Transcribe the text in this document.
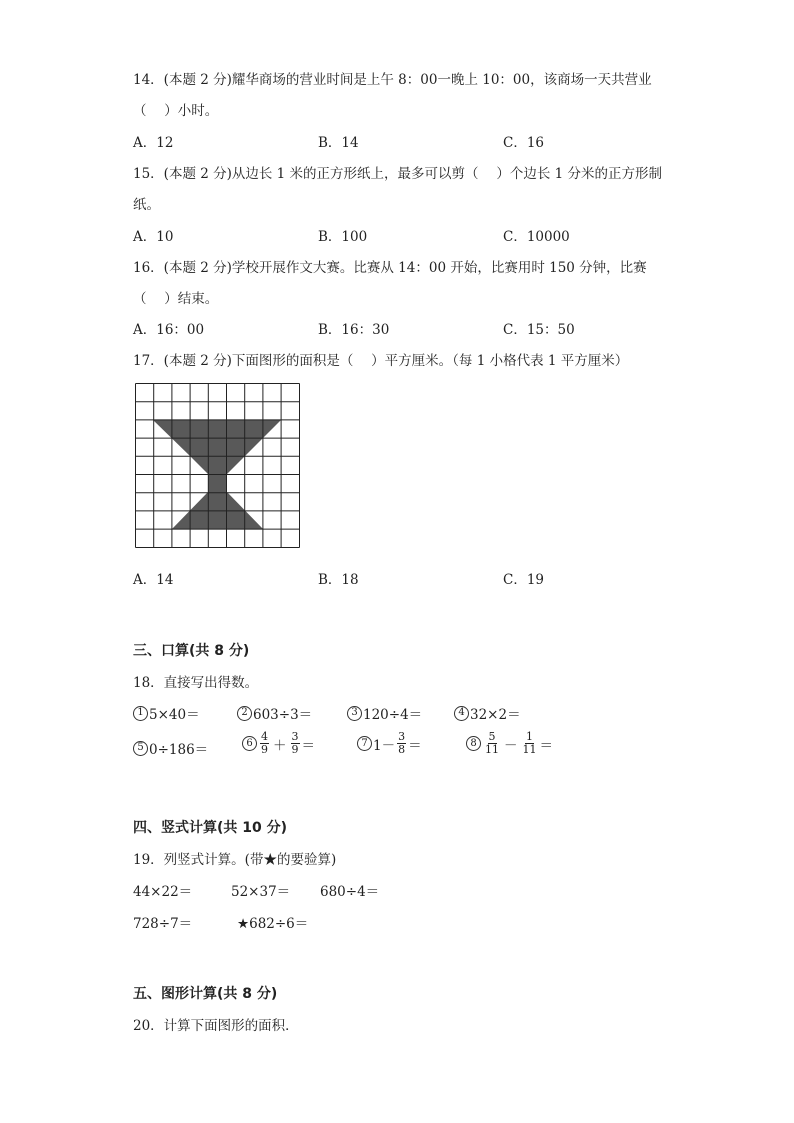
14．(本题 2 分)耀华商场的营业时间是上午 8：00一晚上 10：00，该商场一天共营业
（　 ）小时。
A．12	B．14	C．16
15．(本题 2 分)从边长 1 米的正方形纸上，最多可以剪（　 ）个边长 1 分米的正方形制
纸。
A．10	B．100	C．10000
16．(本题 2 分)学校开展作文大赛。比赛从 14：00 开始，比赛用时 150 分钟，比赛
（　 ）结束。
A．16：00	B．16：30	C．15：50
17．(本题 2 分)下面图形的面积是（　 ）平方厘米。（每 1 小格代表 1 平方厘米）
A．14	B．18	C．19
三、口算(共 8 分)
18．直接写出得数。
1 5×40＝	2 603÷3＝	3 120÷4＝	4 32×2＝
5 0÷186＝	$6 \frac{4}{9} + \frac{3}{9}$ ＝	7 $1- \frac{3}{8}$ ＝	$8 \frac{5}{11} - \frac{1}{11}$ ＝
四、竖式计算(共 10 分)
19．列竖式计算。(带★的要验算)
44×22＝	52×37＝ 680÷4＝
728÷7＝	★682÷6＝
五、图形计算(共 8 分)
20．计算下面图形的面积．
